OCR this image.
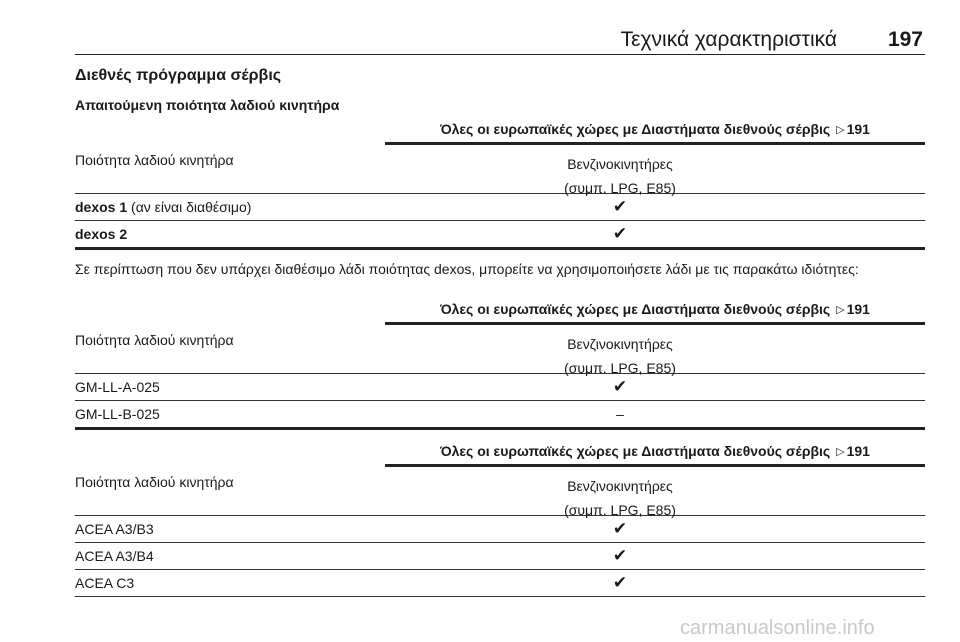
Τεχνικά χαρακτηριστικά 197
Διεθνές πρόγραμμα σέρβις
Απαιτούμενη ποιότητα λαδιού κινητήρα
Όλες οι ευρωπαϊκές χώρες με Διαστήματα διεθνούς σέρβις ▷ 191
Ποιότητα λαδιού κινητήρα	Βενζινοκινητήρες
(συμπ. LPG, E85)
dexos 1 (αν είναι διαθέσιμο)	✔
dexos 2	✔
Σε περίπτωση που δεν υπάρχει διαθέσιμο λάδι ποιότητας dexos, μπορείτε να χρησιμοποιήσετε λάδι με τις παρακάτω ιδιότητες:
Όλες οι ευρωπαϊκές χώρες με Διαστήματα διεθνούς σέρβις ▷ 191
Ποιότητα λαδιού κινητήρα	Βενζινοκινητήρες
(συμπ. LPG, E85)
GM-LL-A-025	✔
GM-LL-B-025	–
Όλες οι ευρωπαϊκές χώρες με Διαστήματα διεθνούς σέρβις ▷ 191
Ποιότητα λαδιού κινητήρα	Βενζινοκινητήρες
(συμπ. LPG, E85)
ACEA A3/B3	✔
ACEA A3/B4	✔
ACEA C3	✔
carmanualsonline.info
